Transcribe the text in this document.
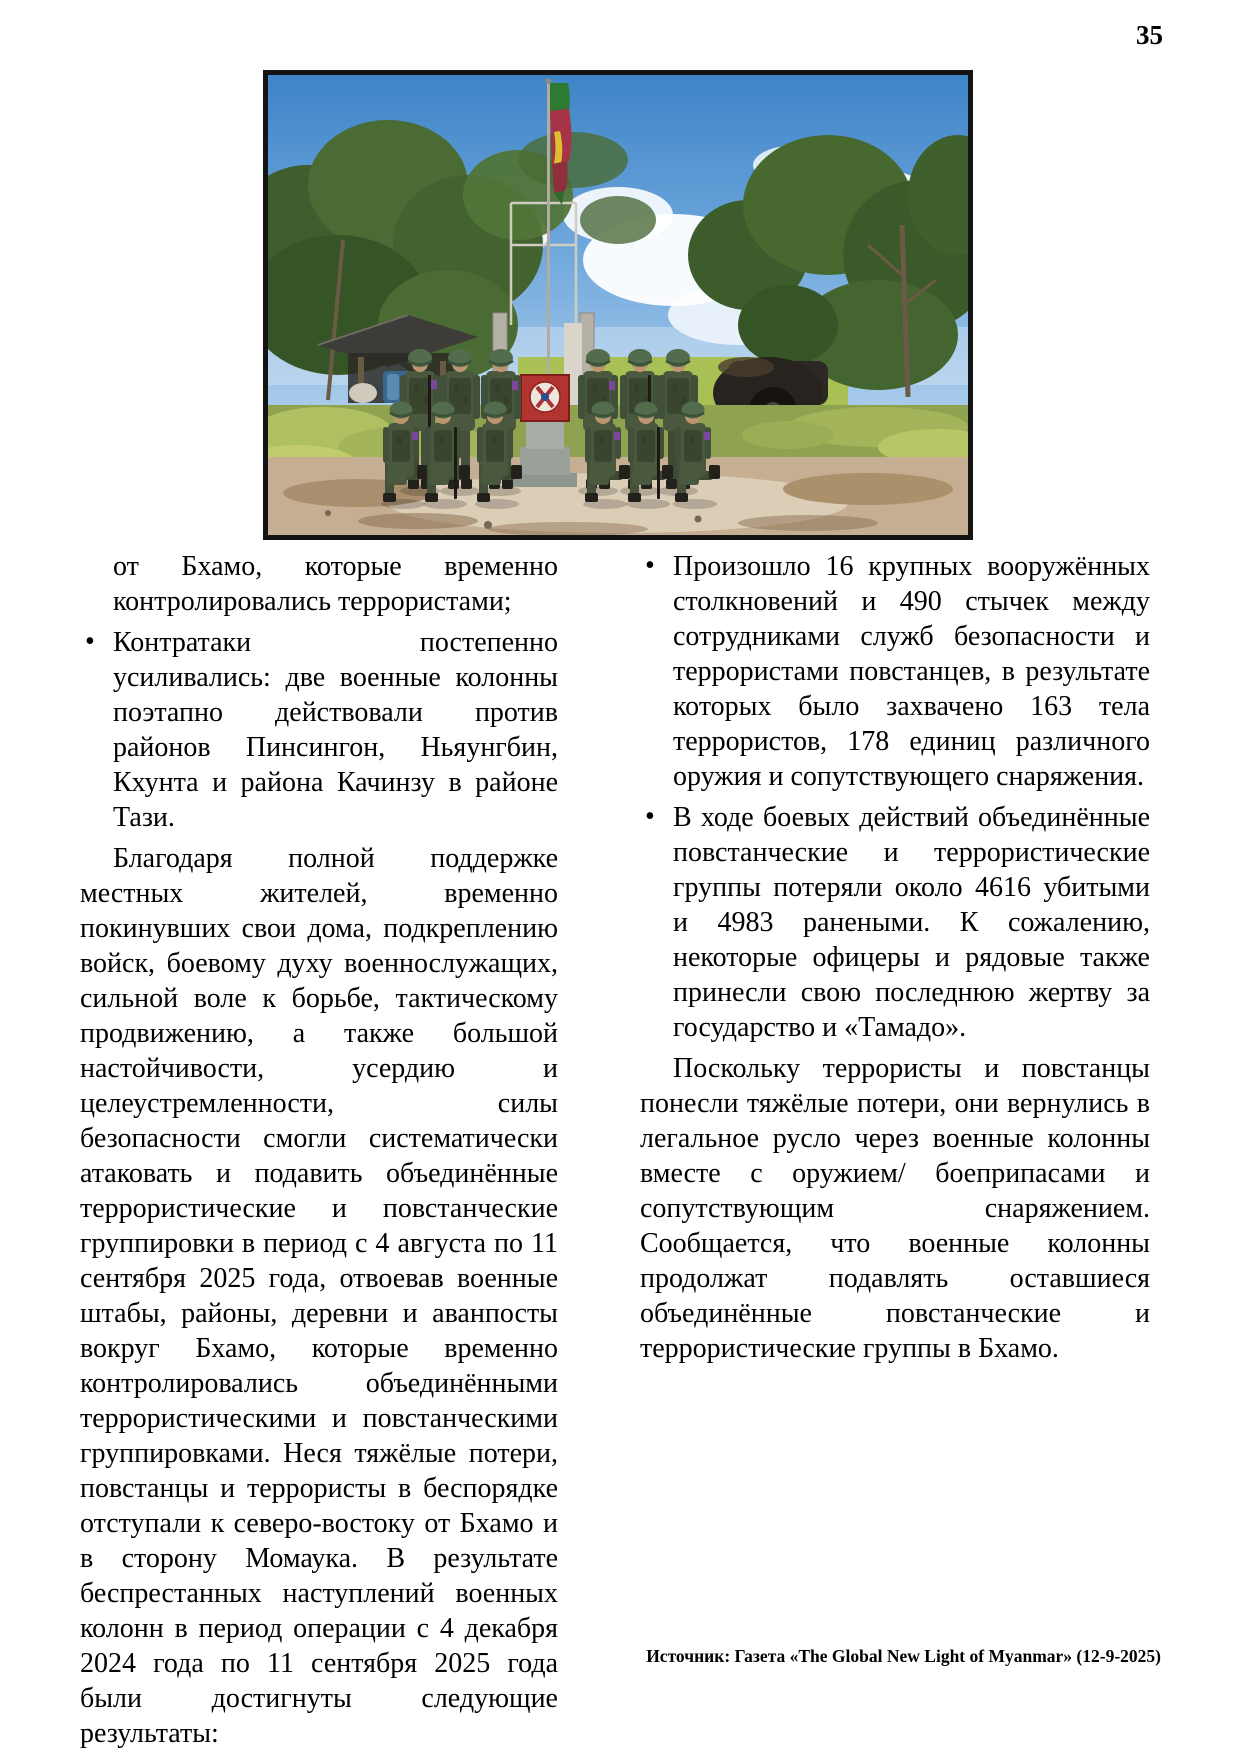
35

от Бхамо, которые временно контролировались террористами;

• Контратаки постепенно усиливались: две военные колонны поэтапно действовали против районов Пинсингон, Ньяунгбин, Кхунта и района Качинзу в районе Тази.

Благодаря полной поддержке местных жителей, временно покинувших свои дома, подкреплению войск, боевому духу военнослужащих, сильной воле к борьбе, тактическому продвижению, а также большой настойчивости, усердию и целеустремленности, силы безопасности смогли систематически атаковать и подавить объединённые террористические и повстанческие группировки в период с 4 августа по 11 сентября 2025 года, отвоевав военные штабы, районы, деревни и аванпосты вокруг Бхамо, которые временно контролировались объединёнными террористическими и повстанческими группировками. Неся тяжёлые потери, повстанцы и террористы в беспорядке отступали к северо-востоку от Бхамо и в сторону Момаука. В результате беспрестанных наступлений военных колонн в период операции с 4 декабря 2024 года по 11 сентября 2025 года были достигнуты следующие результаты:

• Произошло 16 крупных вооружённых столкновений и 490 стычек между сотрудниками служб безопасности и террористами повстанцев, в результате которых было захвачено 163 тела террористов, 178 единиц различного оружия и сопутствующего снаряжения.

• В ходе боевых действий объединённые повстанческие и террористические группы потеряли около 4616 убитыми и 4983 ранеными. К сожалению, некоторые офицеры и рядовые также принесли свою последнюю жертву за государство и «Тамадо».

Поскольку террористы и повстанцы понесли тяжёлые потери, они вернулись в легальное русло через военные колонны вместе с оружием/ боеприпасами и сопутствующим снаряжением. Сообщается, что военные колонны продолжат подавлять оставшиеся объединённые повстанческие и террористические группы в Бхамо.

Источник: Газета «The Global New Light of Myanmar» (12-9-2025)
